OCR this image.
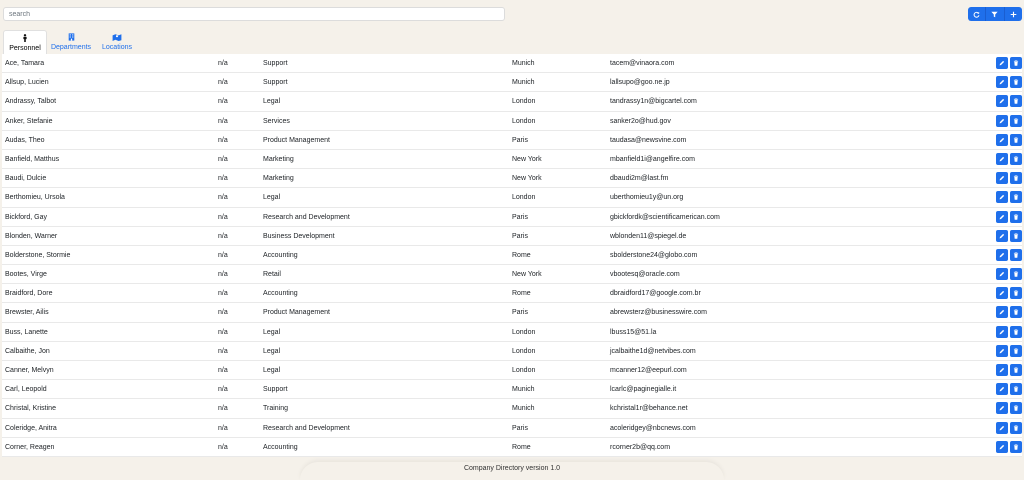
search
Personnel Departments Locations
Ace, Tamara	n/a	Support	Munich	tacem@vinaora.com
Allsup, Lucien	n/a	Support	Munich	lallsupo@goo.ne.jp
Andrassy, Talbot	n/a	Legal	London	tandrassy1n@bigcartel.com
Anker, Stefanie	n/a	Services	London	sanker2o@hud.gov
Audas, Theo	n/a	Product Management	Paris	taudasa@newsvine.com
Banfield, Matthus	n/a	Marketing	New York	mbanfield1i@angelfire.com
Baudi, Dulcie	n/a	Marketing	New York	dbaudi2m@last.fm
Berthomieu, Ursola	n/a	Legal	London	uberthomieu1y@un.org
Bickford, Gay	n/a	Research and Development	Paris	gbickfordk@scientificamerican.com
Blonden, Warner	n/a	Business Development	Paris	wblonden11@spiegel.de
Bolderstone, Stormie	n/a	Accounting	Rome	sbolderstone24@globo.com
Bootes, Virge	n/a	Retail	New York	vbootesq@oracle.com
Braidford, Dore	n/a	Accounting	Rome	dbraidford17@google.com.br
Brewster, Ailis	n/a	Product Management	Paris	abrewsterz@businesswire.com
Buss, Lanette	n/a	Legal	London	lbuss15@51.la
Calbaithe, Jon	n/a	Legal	London	jcalbaithe1d@netvibes.com
Canner, Melvyn	n/a	Legal	London	mcanner12@eepurl.com
Carl, Leopold	n/a	Support	Munich	lcarlc@paginegialle.it
Christal, Kristine	n/a	Training	Munich	kchristal1r@behance.net
Coleridge, Anitra	n/a	Research and Development	Paris	acoleridgey@nbcnews.com
Corner, Reagen	n/a	Accounting	Rome	rcorner2b@qq.com
Company Directory version 1.0
